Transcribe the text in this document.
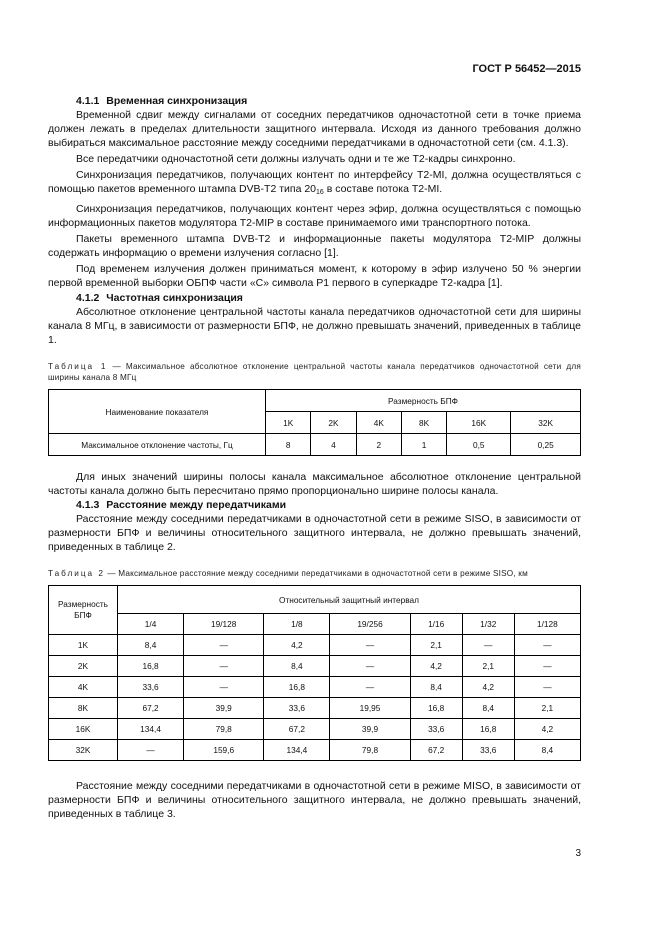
ГОСТ Р 56452—2015
4.1.1 Временная синхронизация

Временной сдвиг между сигналами от соседних передатчиков одночастотной сети в точке приема должен лежать в пределах длительности защитного интервала. Исходя из данного требования должно выбираться максимальное расстояние между соседними передатчиками в одночастотной сети (см. 4.1.3).

Все передатчики одночастотной сети должны излучать одни и те же Т2-кадры синхронно.

Синхронизация передатчиков, получающих контент по интерфейсу T2-MI, должна осуществляться с помощью пакетов временного штампа DVB-T2 типа $20_{16}$ в составе потока T2-MI.

Синхронизация передатчиков, получающих контент через эфир, должна осуществляться с помощью информационных пакетов модулятора T2-MIP в составе принимаемого ими транспортного потока.

Пакеты временного штампа DVB-T2 и информационные пакеты модулятора T2-MIP должны содержать информацию о времени излучения согласно [1].

Под временем излучения должен приниматься момент, к которому в эфир излучено 50 % энергии первой временной выборки ОБПФ части «С» символа P1 первого в суперкадре Т2-кадра [1].

4.1.2 Частотная синхронизация

Абсолютное отклонение центральной частоты канала передатчиков одночастотной сети для ширины канала 8 МГц, в зависимости от размерности БПФ, не должно превышать значений, приведенных в таблице 1.

Таблица 1 — Максимальное абсолютное отклонение центральной частоты канала передатчиков одночастотной сети для ширины канала 8 МГц
Наименование показателя	Размерность БПФ					
	1K	2K	4K	8K	16K	32K
Максимальное отклонение частоты, Гц	8	4	2	1	0,5	0,25

Для иных значений ширины полосы канала максимальное абсолютное отклонение центральной частоты канала должно быть пересчитано прямо пропорционально ширине полосы канала.

4.1.3 Расстояние между передатчиками

Расстояние между соседними передатчиками в одночастотной сети в режиме SISO, в зависимости от размерности БПФ и величины относительного защитного интервала, не должно превышать значений, приведенных в таблице 2.

Таблица 2 — Максимальное расстояние между соседними передатчиками в одночастотной сети в режиме SISO, км
Размерность БПФ	Относительный защитный интервал						
	1/4	19/128	1/8	19/256	1/16	1/32	1/128
1K	8,4	—	4,2	—	2,1	—	—
2K	16,8	—	8,4	—	4,2	2,1	—
4K	33,6	—	16,8	—	8,4	4,2	—
8K	67,2	39,9	33,6	19,95	16,8	8,4	2,1
16K	134,4	79,8	67,2	39,9	33,6	16,8	4,2
32K	—	159,6	134,4	79,8	67,2	33,6	8,4

Расстояние между соседними передатчиками в одночастотной сети в режиме MISO, в зависимости от размерности БПФ и величины относительного защитного интервала, не должно превышать значений, приведенных в таблице 3.

3
